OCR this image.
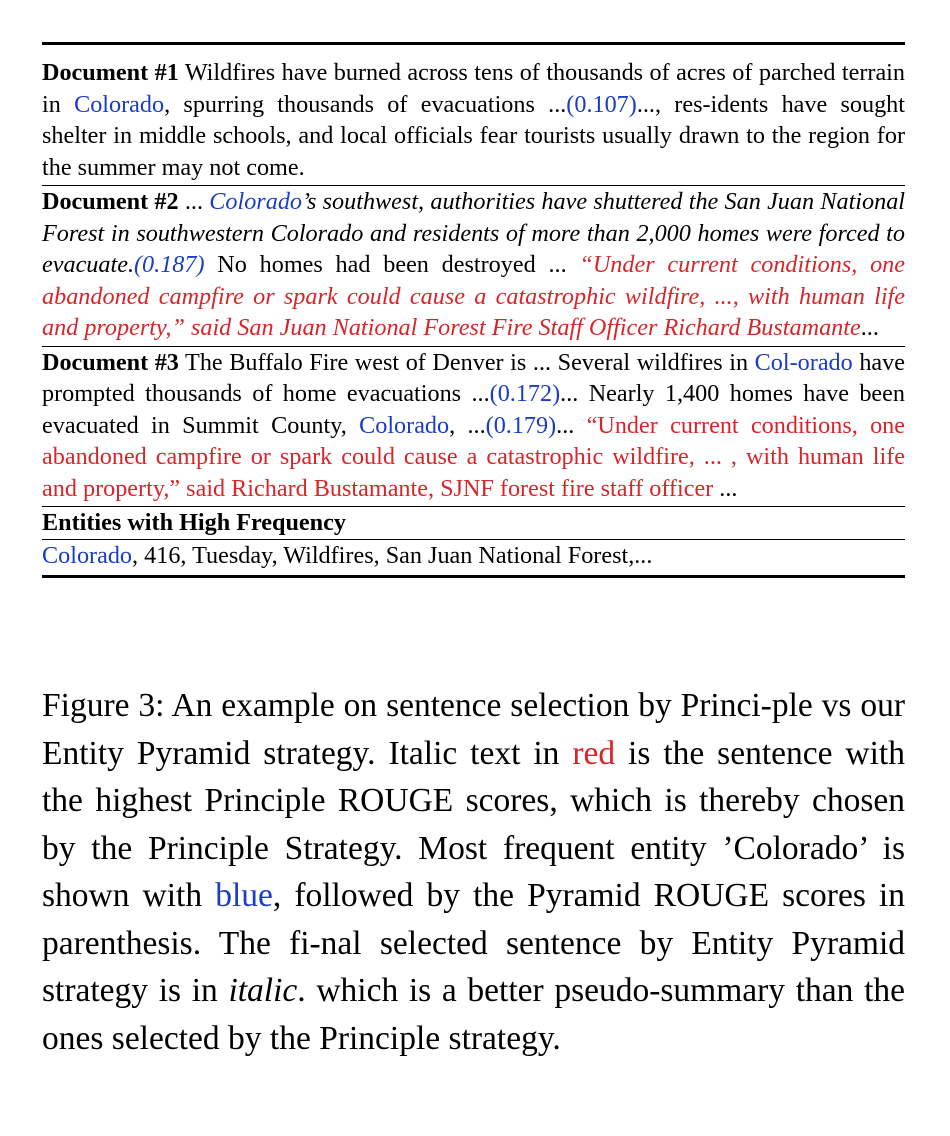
Document #1 Wildfires have burned across tens of thousands of acres of parched terrain in Colorado, spurring thousands of evacuations ...(0.107)..., res-idents have sought shelter in middle schools, and local officials fear tourists usually drawn to the region for the summer may not come.
Document #2 ... Colorado’s southwest, authorities have shuttered the San Juan National Forest in southwestern Colorado and residents of more than 2,000 homes were forced to evacuate.(0.187) No homes had been destroyed ... “Under current conditions, one abandoned campfire or spark could cause a catastrophic wildfire, ..., with human life and property,” said San Juan National Forest Fire Staff Officer Richard Bustamante...
Document #3 The Buffalo Fire west of Denver is ... Several wildfires in Col-orado have prompted thousands of home evacuations ...(0.172)... Nearly 1,400 homes have been evacuated in Summit County, Colorado, ...(0.179)... “Under current conditions, one abandoned campfire or spark could cause a catastrophic wildfire, ... , with human life and property,” said Richard Bustamante, SJNF forest fire staff officer ...
Entities with High Frequency
Colorado, 416, Tuesday, Wildfires, San Juan National Forest,...
Figure 3: An example on sentence selection by Princi-ple vs our Entity Pyramid strategy. Italic text in red is the sentence with the highest Principle ROUGE scores, which is thereby chosen by the Principle Strategy. Most frequent entity ’Colorado’ is shown with blue, followed by the Pyramid ROUGE scores in parenthesis. The fi-nal selected sentence by Entity Pyramid strategy is in italic. which is a better pseudo-summary than the ones selected by the Principle strategy.
